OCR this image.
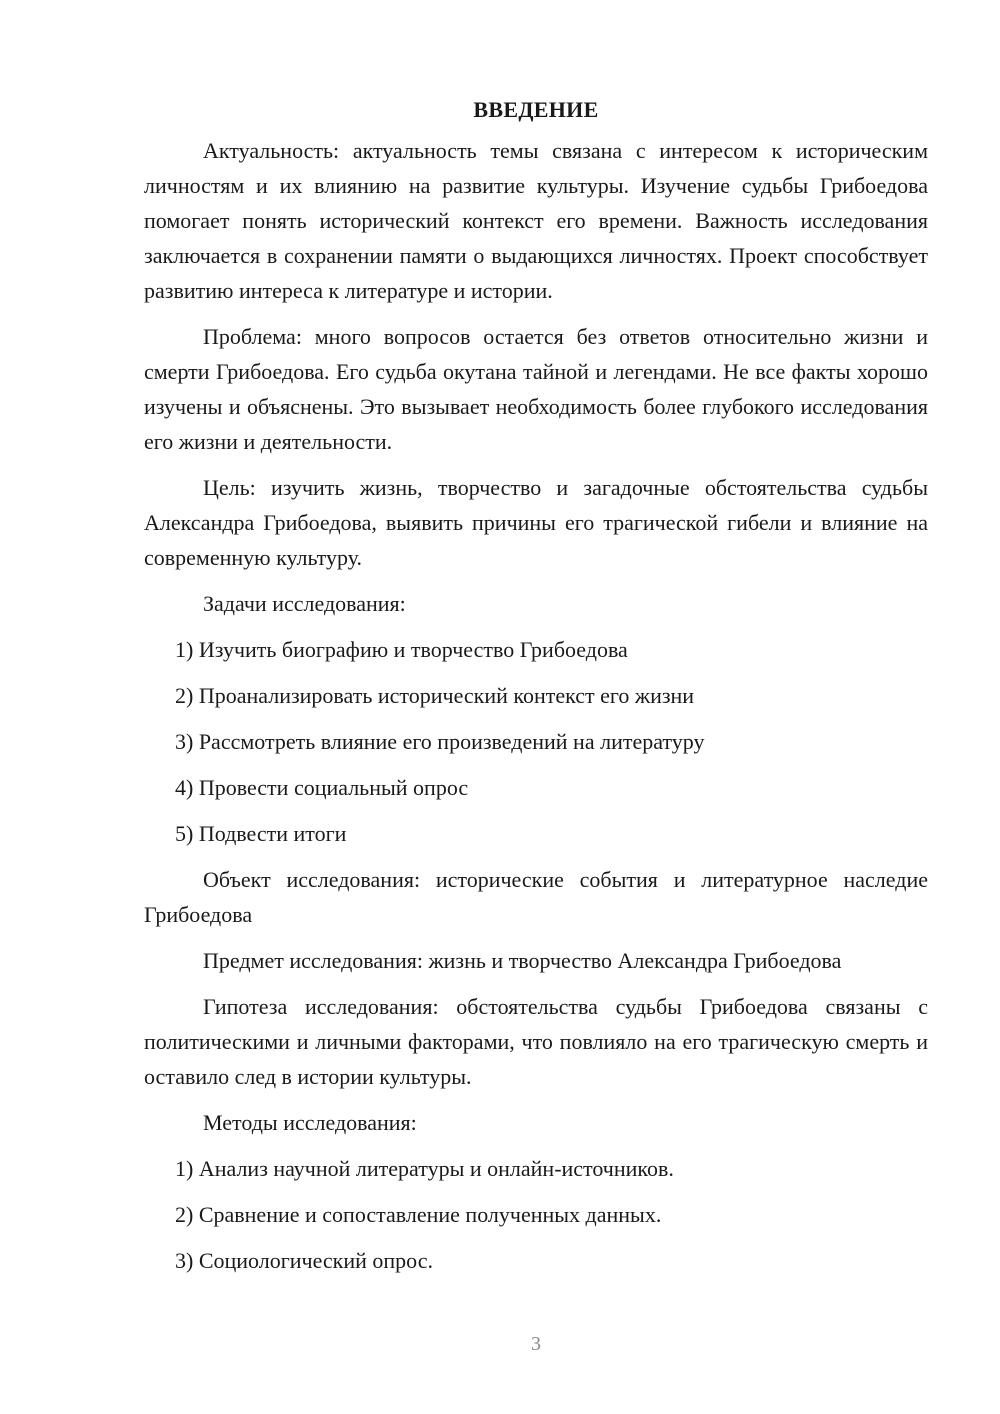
ВВЕДЕНИЕ

Актуальность: актуальность темы связана с интересом к историческим личностям и их влиянию на развитие культуры. Изучение судьбы Грибоедова помогает понять исторический контекст его времени. Важность исследования заключается в сохранении памяти о выдающихся личностях. Проект способствует развитию интереса к литературе и истории.

Проблема: много вопросов остается без ответов относительно жизни и смерти Грибоедова. Его судьба окутана тайной и легендами. Не все факты хорошо изучены и объяснены. Это вызывает необходимость более глубокого исследования его жизни и деятельности.

Цель: изучить жизнь, творчество и загадочные обстоятельства судьбы Александра Грибоедова, выявить причины его трагической гибели и влияние на современную культуру.

Задачи исследования:
1) Изучить биографию и творчество Грибоедова
2) Проанализировать исторический контекст его жизни
3) Рассмотреть влияние его произведений на литературу
4) Провести социальный опрос
5) Подвести итоги

Объект исследования: исторические события и литературное наследие Грибоедова

Предмет исследования: жизнь и творчество Александра Грибоедова

Гипотеза исследования: обстоятельства судьбы Грибоедова связаны с политическими и личными факторами, что повлияло на его трагическую смерть и оставило след в истории культуры.

Методы исследования:
1) Анализ научной литературы и онлайн-источников.
2) Сравнение и сопоставление полученных данных.
3) Социологический опрос.
3
